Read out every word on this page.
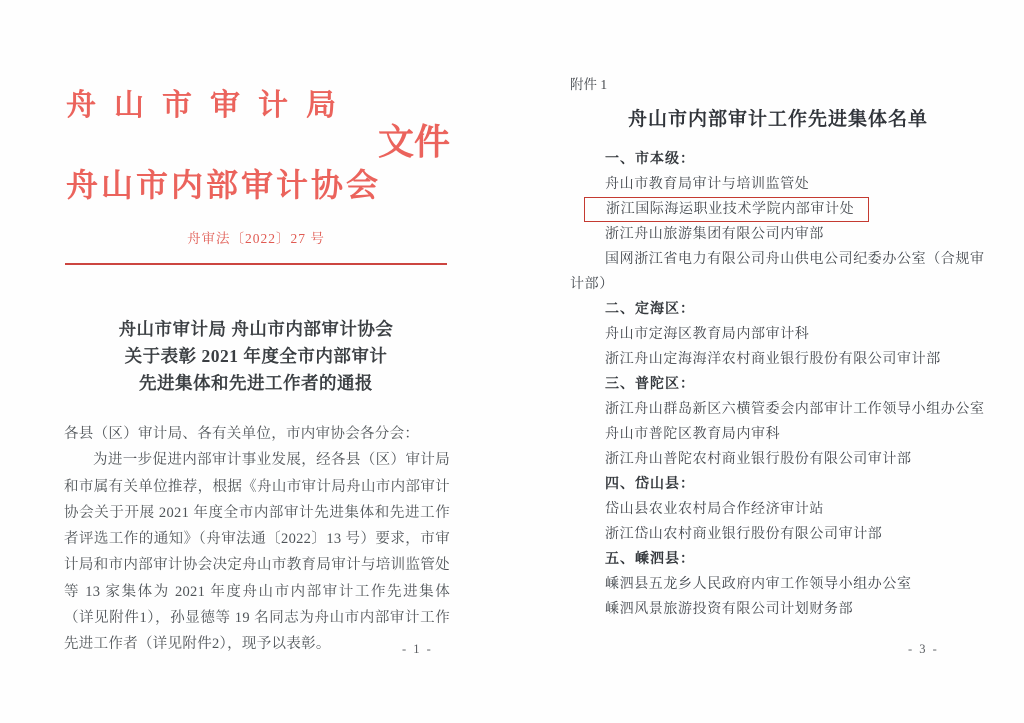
舟山市审计局
文件
舟山市内部审计协会
舟审法〔2022〕27 号
舟山市审计局 舟山市内部审计协会
关于表彰 2021 年度全市内部审计
先进集体和先进工作者的通报

各县（区）审计局、各有关单位，市内审协会各分会：

为进一步促进内部审计事业发展，经各县（区）审计局和市属有关单位推荐，根据《舟山市审计局舟山市内部审计协会关于开展 2021 年度全市内部审计先进集体和先进工作者评选工作的通知》（舟审法通〔2022〕13 号）要求，市审计局和市内部审计协会决定舟山市教育局审计与培训监管处等 13 家集体为 2021 年度舟山市内部审计工作先进集体（详见附件1），孙显德等 19 名同志为舟山市内部审计工作先进工作者（详见附件2），现予以表彰。	- 1 -
附件 1
舟山市内部审计工作先进集体名单
一、市本级：
舟山市教育局审计与培训监管处
浙江国际海运职业技术学院内部审计处
浙江舟山旅游集团有限公司内审部
国网浙江省电力有限公司舟山供电公司纪委办公室（合规审计部）
二、定海区：
舟山市定海区教育局内部审计科
浙江舟山定海海洋农村商业银行股份有限公司审计部
三、普陀区：
浙江舟山群岛新区六横管委会内部审计工作领导小组办公室
舟山市普陀区教育局内审科
浙江舟山普陀农村商业银行股份有限公司审计部
四、岱山县：
岱山县农业农村局合作经济审计站
浙江岱山农村商业银行股份有限公司审计部
五、嵊泗县：
嵊泗县五龙乡人民政府内审工作领导小组办公室
嵊泗风景旅游投资有限公司计划财务部
- 3 -
